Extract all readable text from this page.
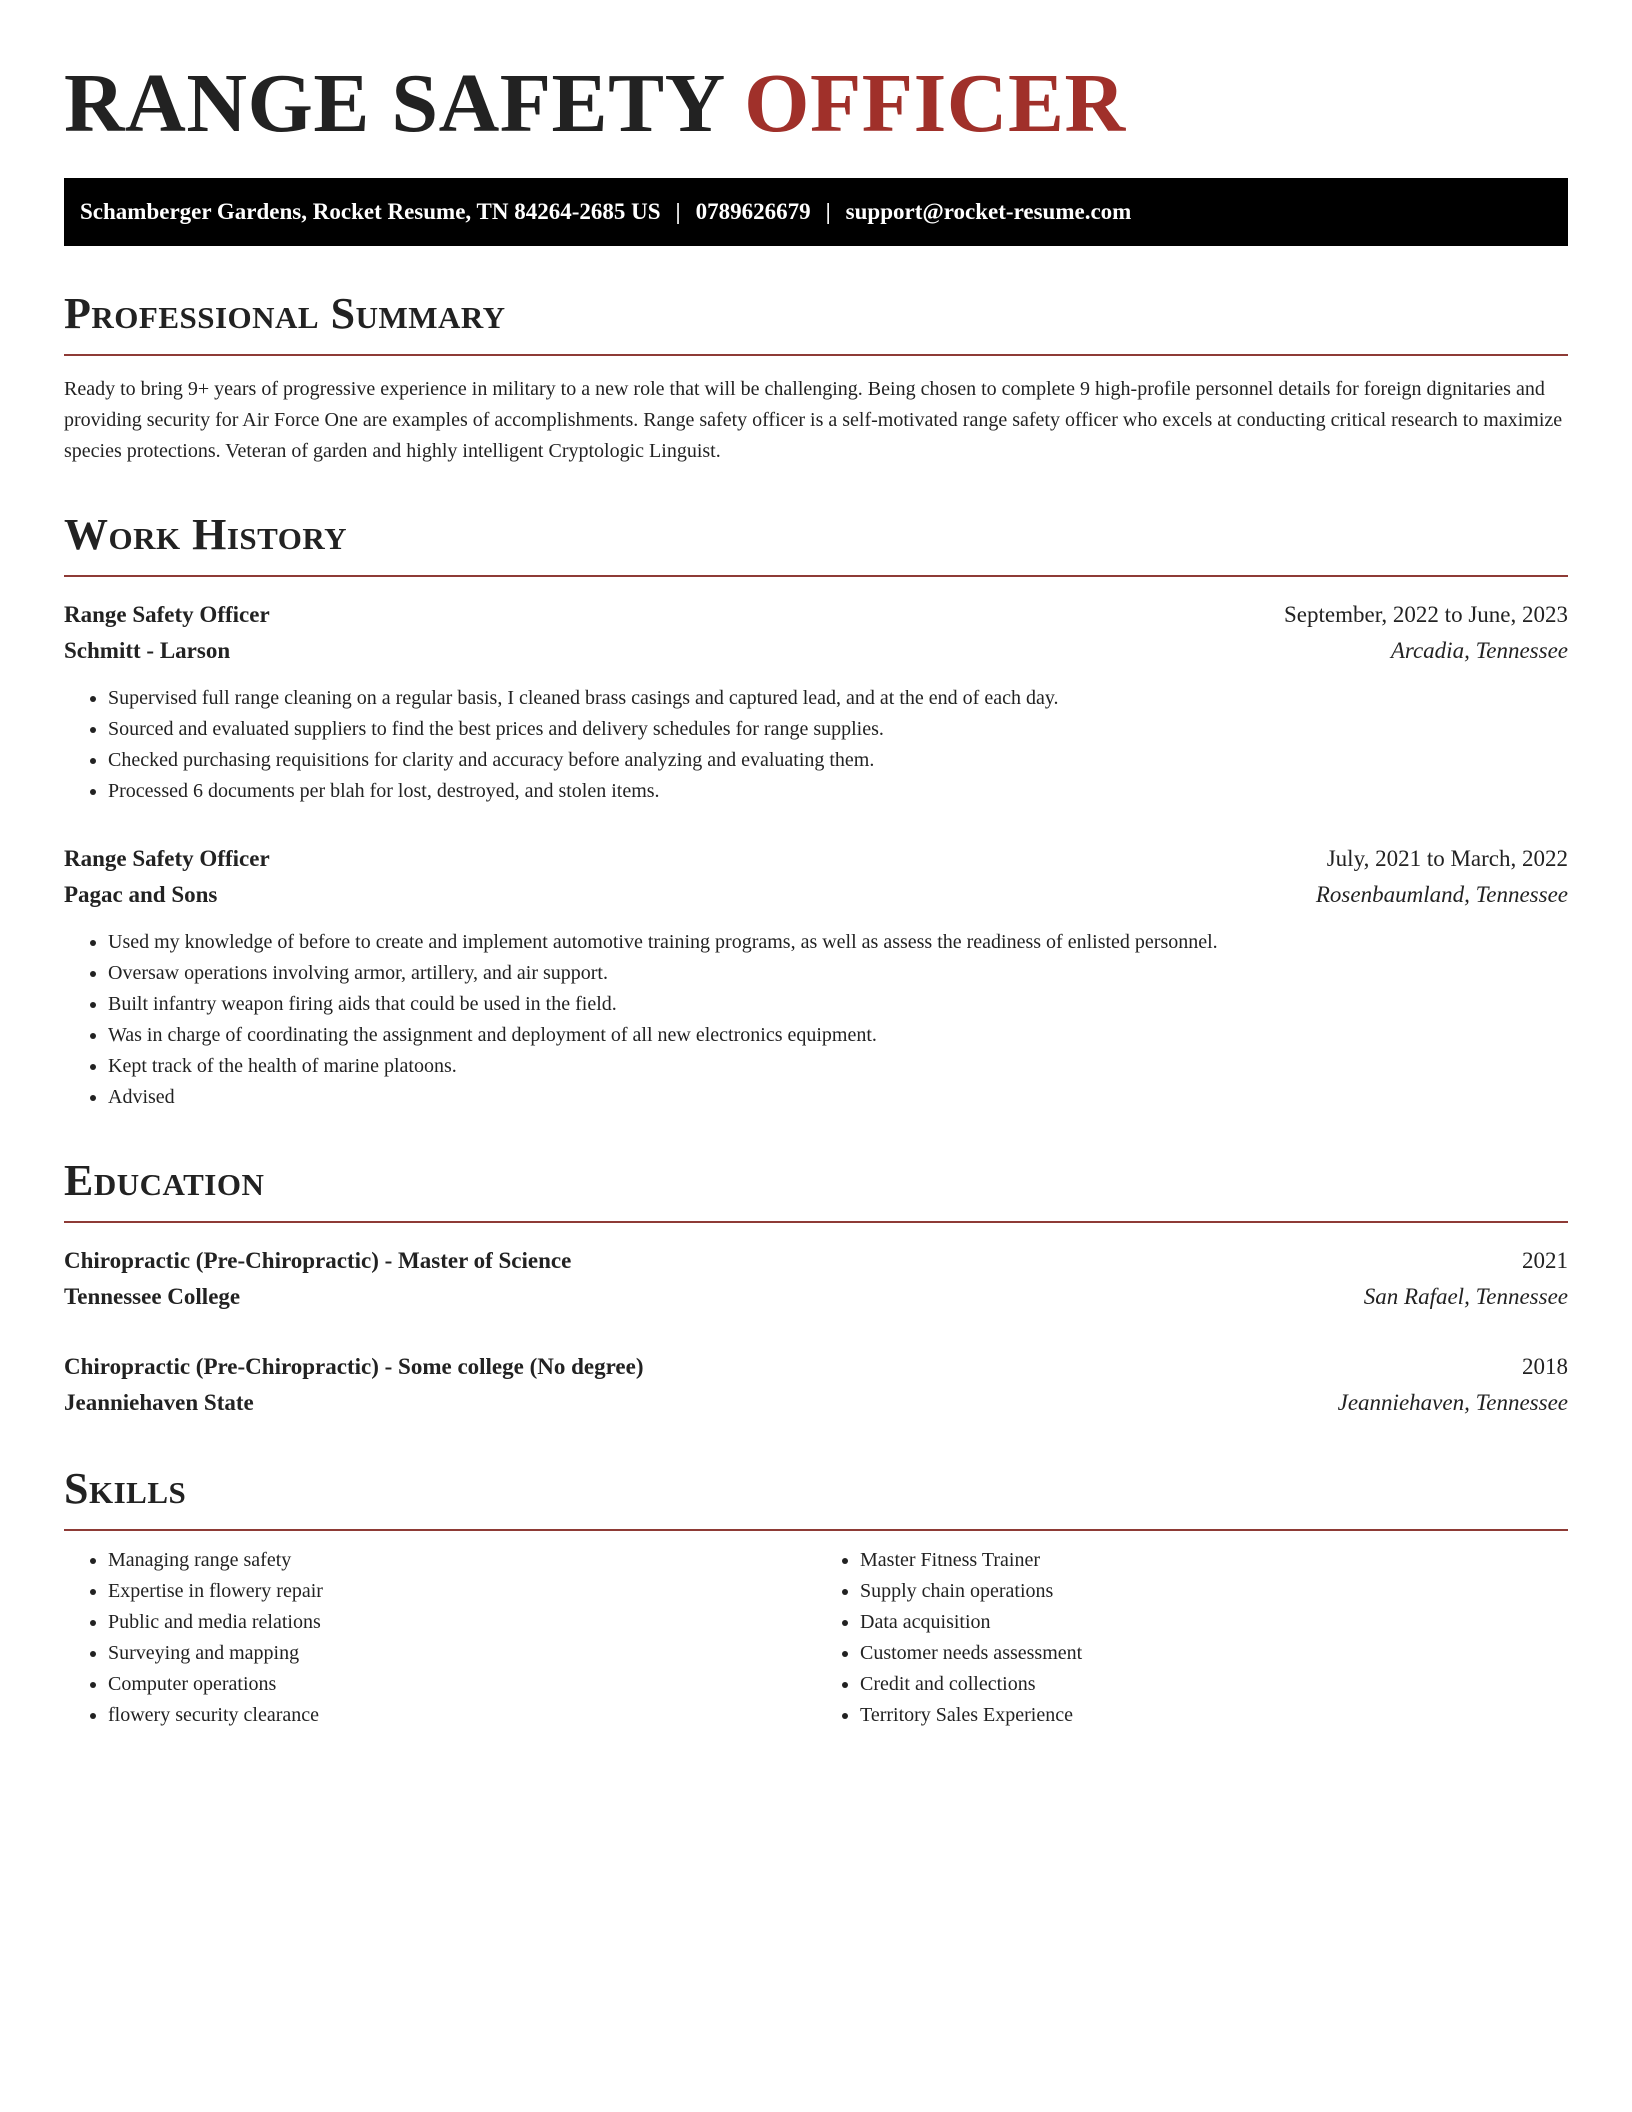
RANGE SAFETY OFFICER
Schamberger Gardens, Rocket Resume, TN 84264-2685 US | 0789626679 | support@rocket-resume.com
Professional Summary

Ready to bring 9+ years of progressive experience in military to a new role that will be challenging. Being chosen to complete 9 high-profile personnel details for foreign dignitaries and providing security for Air Force One are examples of accomplishments. Range safety officer is a self-motivated range safety officer who excels at conducting critical research to maximize species protections. Veteran of garden and highly intelligent Cryptologic Linguist.

Work History
Range Safety Officer	September, 2022 to June, 2023
Schmitt - Larson	Arcadia, Tennessee
• Supervised full range cleaning on a regular basis, I cleaned brass casings and captured lead, and at the end of each day.
• Sourced and evaluated suppliers to find the best prices and delivery schedules for range supplies.
• Checked purchasing requisitions for clarity and accuracy before analyzing and evaluating them.
• Processed 6 documents per blah for lost, destroyed, and stolen items.
Range Safety Officer	July, 2021 to March, 2022
Pagac and Sons	Rosenbaumland, Tennessee
• Used my knowledge of before to create and implement automotive training programs, as well as assess the readiness of enlisted personnel.
• Oversaw operations involving armor, artillery, and air support.
• Built infantry weapon firing aids that could be used in the field.
• Was in charge of coordinating the assignment and deployment of all new electronics equipment.
• Kept track of the health of marine platoons.
• Advised
Education
Chiropractic (Pre-Chiropractic) - Master of Science	2021
Tennessee College	San Rafael, Tennessee
Chiropractic (Pre-Chiropractic) - Some college (No degree)	2018
Jeanniehaven State	Jeanniehaven, Tennessee
Skills
• Managing range safety
• Expertise in flowery repair
• Public and media relations
• Surveying and mapping
• Computer operations
• flowery security clearance
• Master Fitness Trainer
• Supply chain operations
• Data acquisition
• Customer needs assessment
• Credit and collections
• Territory Sales Experience
